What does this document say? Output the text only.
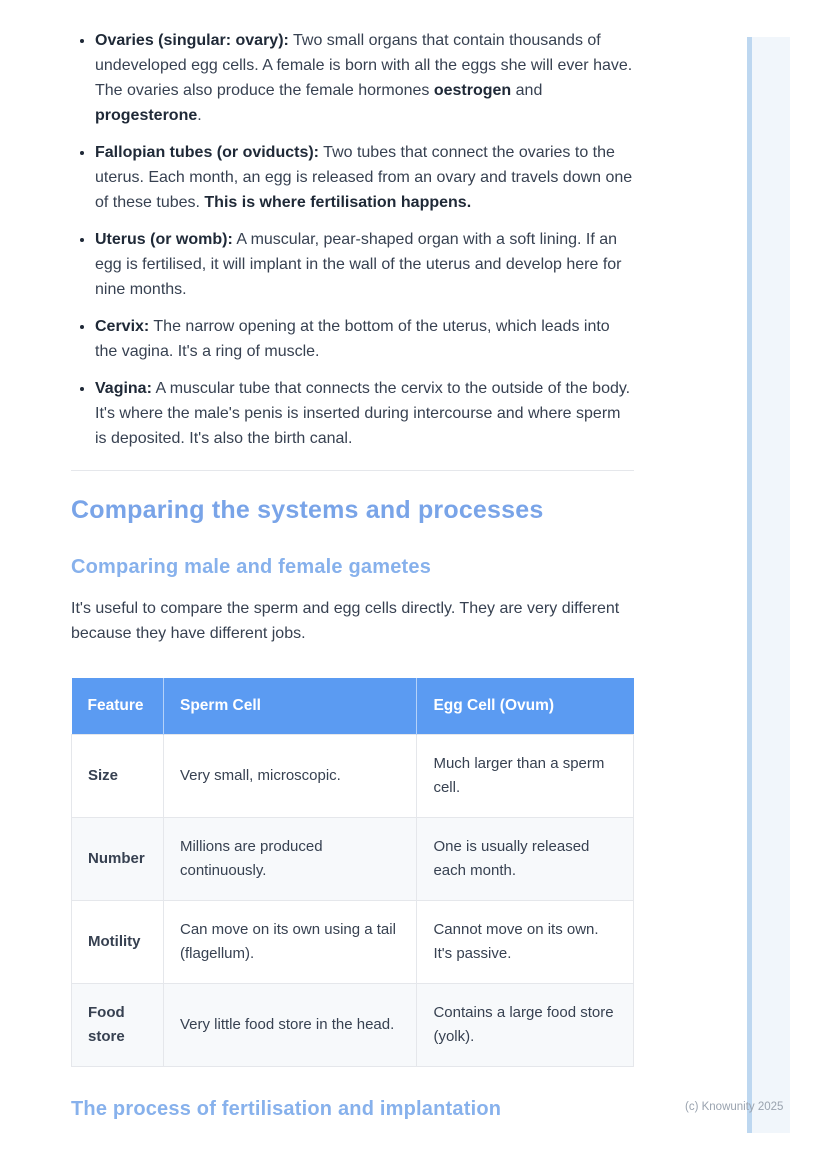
• Ovaries (singular: ovary): Two small organs that contain thousands of undeveloped egg cells. A female is born with all the eggs she will ever have. The ovaries also produce the female hormones oestrogen and progesterone.
• Fallopian tubes (or oviducts): Two tubes that connect the ovaries to the uterus. Each month, an egg is released from an ovary and travels down one of these tubes. This is where fertilisation happens.
• Uterus (or womb): A muscular, pear-shaped organ with a soft lining. If an egg is fertilised, it will implant in the wall of the uterus and develop here for nine months.
• Cervix: The narrow opening at the bottom of the uterus, which leads into the vagina. It's a ring of muscle.
• Vagina: A muscular tube that connects the cervix to the outside of the body. It's where the male's penis is inserted during intercourse and where sperm is deposited. It's also the birth canal.
Comparing the systems and processes
Comparing male and female gametes

It's useful to compare the sperm and egg cells directly. They are very different because they have different jobs.

Feature	Sperm Cell	Egg Cell (Ovum)
Size	Very small, microscopic.	Much larger than a sperm cell.
Number	Millions are produced continuously.	One is usually released each month.
Motility	Can move on its own using a tail (flagellum).	Cannot move on its own. It's passive.
Food store	Very little food store in the head.	Contains a large food store (yolk).
The process of fertilisation and implantation	(c) Knowunity 2025
